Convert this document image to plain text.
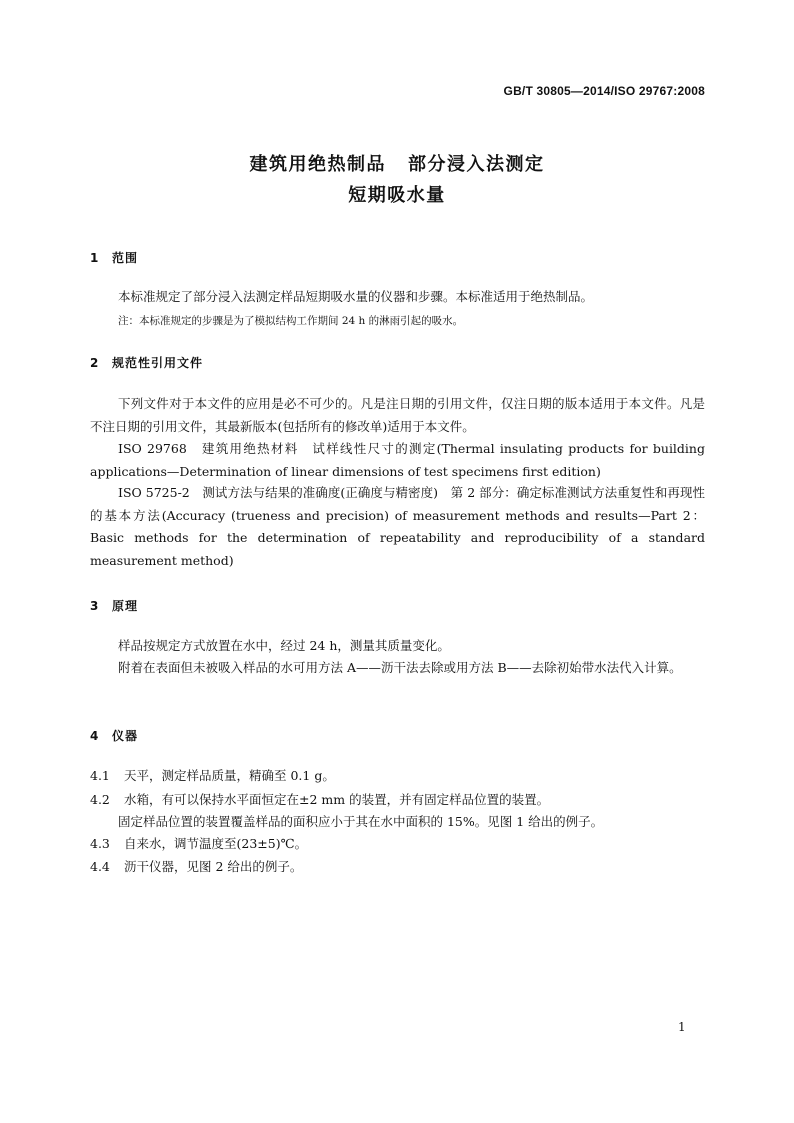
GB/T 30805—2014/ISO 29767:2008
建筑用绝热制品 部分浸入法测定
短期吸水量
1 范围
本标准规定了部分浸入法测定样品短期吸水量的仪器和步骤。本标准适用于绝热制品。
注：本标准规定的步骤是为了模拟结构工作期间 24 h 的淋雨引起的吸水。
2 规范性引用文件
下列文件对于本文件的应用是必不可少的。凡是注日期的引用文件，仅注日期的版本适用于本文件。凡是不注日期的引用文件，其最新版本(包括所有的修改单)适用于本文件。
ISO 29768　建筑用绝热材料　试样线性尺寸的测定(Thermal insulating products for building applications—Determination of linear dimensions of test specimens first edition)
ISO 5725-2　测试方法与结果的准确度(正确度与精密度)　第 2 部分：确定标准测试方法重复性和再现性的基本方法(Accuracy (trueness and precision) of measurement methods and results—Part 2：Basic methods for the determination of repeatability and reproducibility of a standard measurement method)
3 原理
样品按规定方式放置在水中，经过 24 h，测量其质量变化。
附着在表面但未被吸入样品的水可用方法 A——沥干法去除或用方法 B——去除初始带水法代入计算。
4 仪器
4.1 天平，测定样品质量，精确至 0.1 g。
4.2 水箱，有可以保持水平面恒定在±2 mm 的装置，并有固定样品位置的装置。
固定样品位置的装置覆盖样品的面积应小于其在水中面积的 15%。见图 1 给出的例子。
4.3 自来水，调节温度至(23±5)℃。
4.4 沥干仪器，见图 2 给出的例子。
1
